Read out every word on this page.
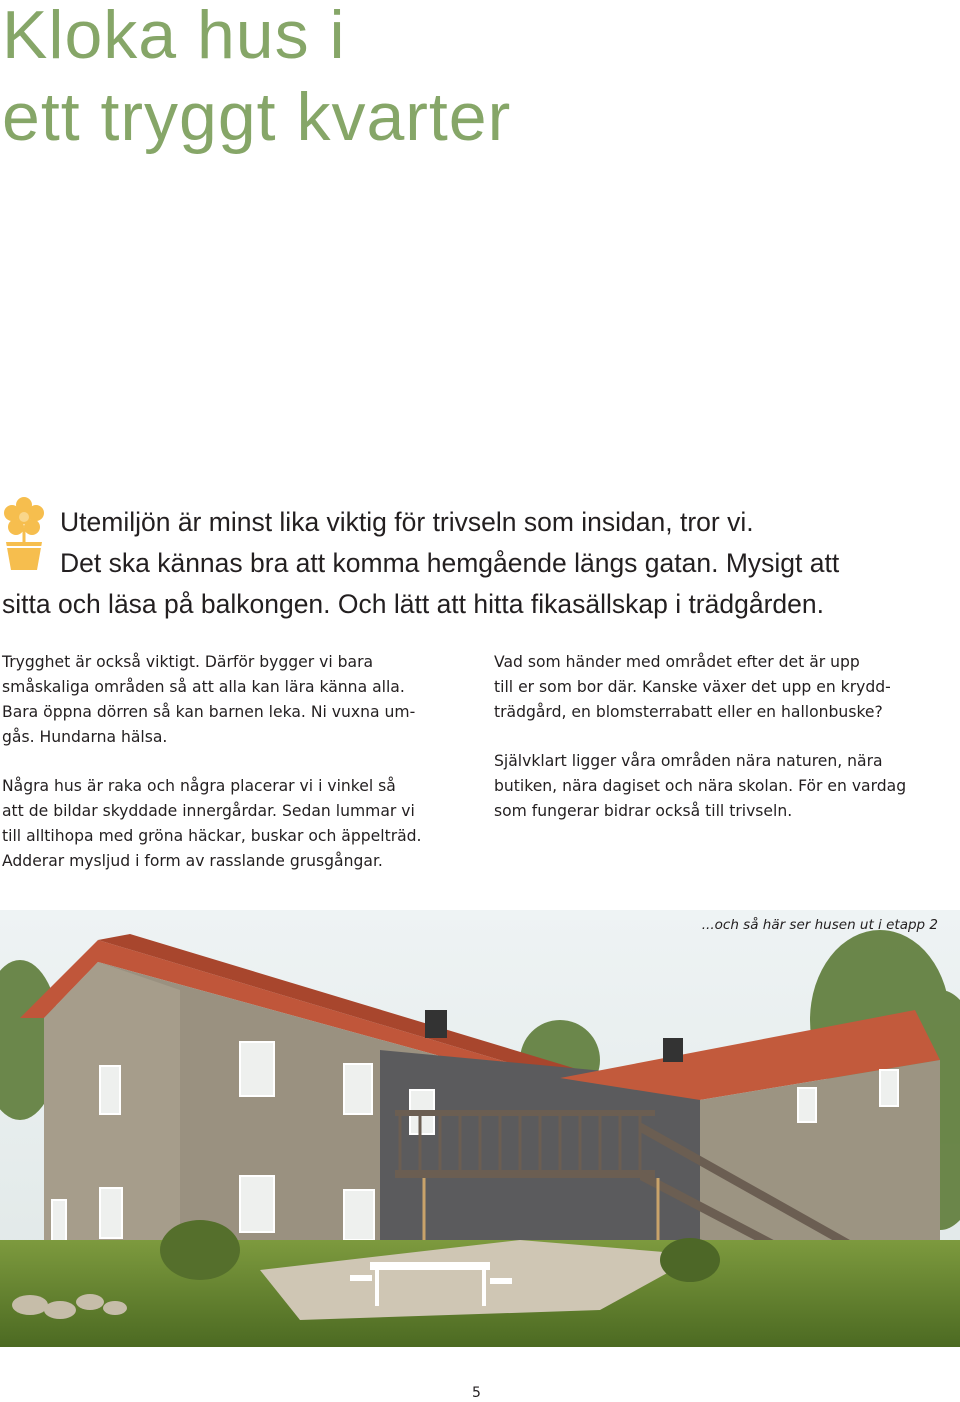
Kloka hus i
ett tryggt kvarter

Utemiljön är minst lika viktig för trivseln som insidan, tror vi.
Det ska kännas bra att komma hemgående längs gatan. Mysigt att
sitta och läsa på balkongen. Och lätt att hitta fikasällskap i trädgården.

Trygghet är också viktigt. Därför bygger vi bara
småskaliga områden så att alla kan lära känna alla.
Bara öppna dörren så kan barnen leka. Ni vuxna um-
gås. Hundarna hälsa.

Några hus är raka och några placerar vi i vinkel så
att de bildar skyddade innergårdar. Sedan lummar vi
till alltihopa med gröna häckar, buskar och äppelträd.
Adderar mysljud i form av rasslande grusgångar.

Vad som händer med området efter det är upp
till er som bor där. Kanske växer det upp en krydd-
trädgård, en blomsterrabatt eller en hallonbuske?

Självklart ligger våra områden nära naturen, nära
butiken, nära dagiset och nära skolan. För en vardag
som fungerar bidrar också till trivseln.

...och så här ser husen ut i etapp 2
5
